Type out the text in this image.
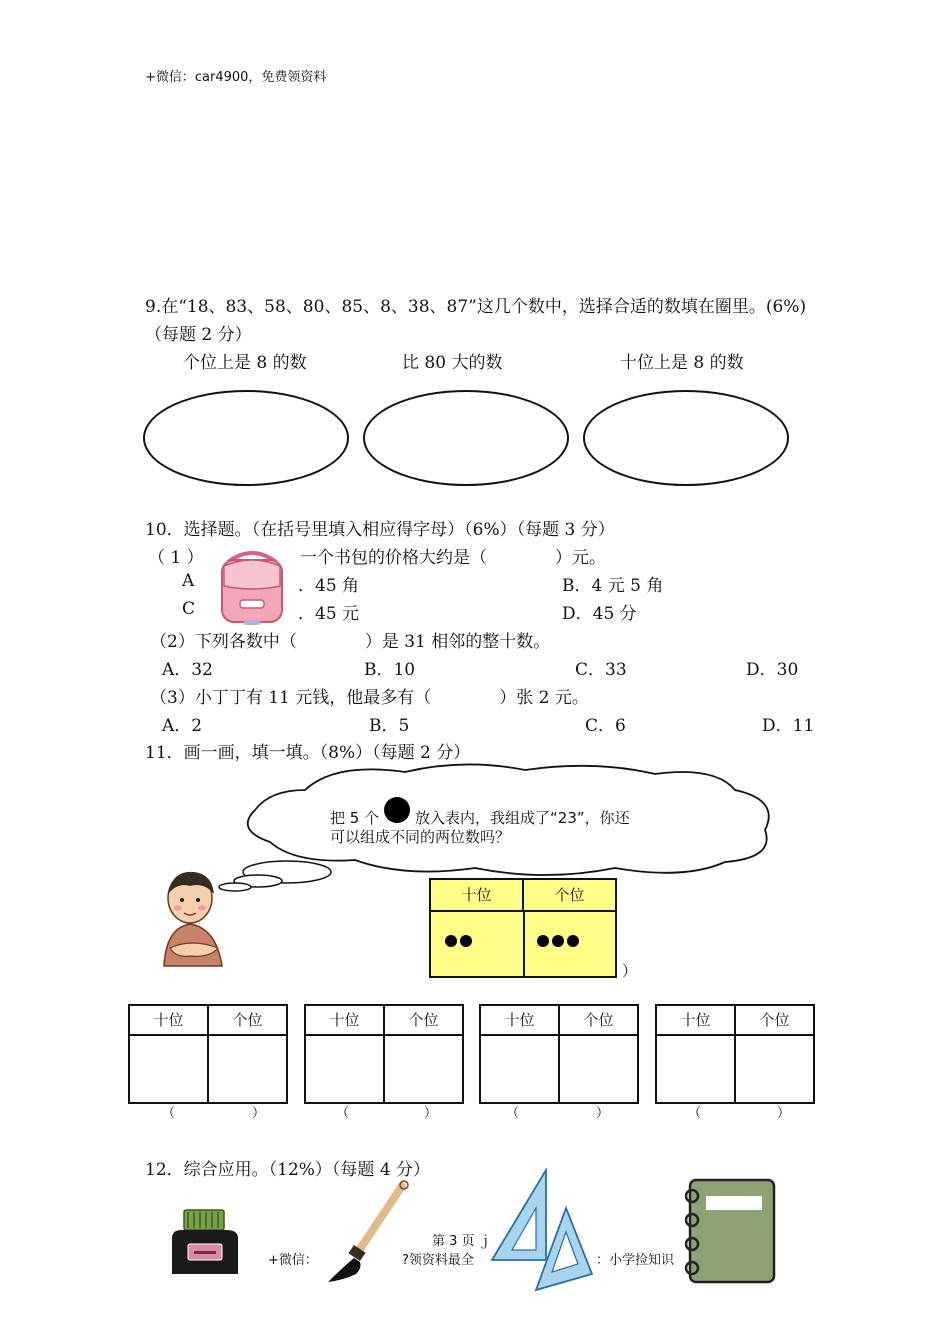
+微信：car4900，免费领资料
9.在“18、83、58、80、85、8、38、87”这几个数中，选择合适的数填在圈里。(6%)
（每题 2 分）
个位上是 8 的数	比 80 大的数	十位上是 8 的数
10．选择题。（在括号里填入相应得字母）（6%）（每题 3 分）
（ 1 ）	一个书包的价格大约是（　　　　）元。
A	．45 角	B．4 元 5 角
C	．45 元	D．45 分
（2）下列各数中（　　　　）是 31 相邻的整十数。
A．32	B．10	C．33	D．30
（3）小丁丁有 11 元钱，他最多有（　　　　）张 2 元。
A．2	B．5	C．6	D．11
11．画一画，填一填。（8%）（每题 2 分）
把 5 个 放入表内，我组成了“23”，你还
可以组成不同的两位数吗？
十位	个位
）
十位	个位	十位	个位	十位	个位	十位	个位
（	）	（	）	（	）	（	）
12．综合应用。（12%）（每题 4 分）
第 3 页 ｊ
+微信：	?领资料最全	：小学捡知识
